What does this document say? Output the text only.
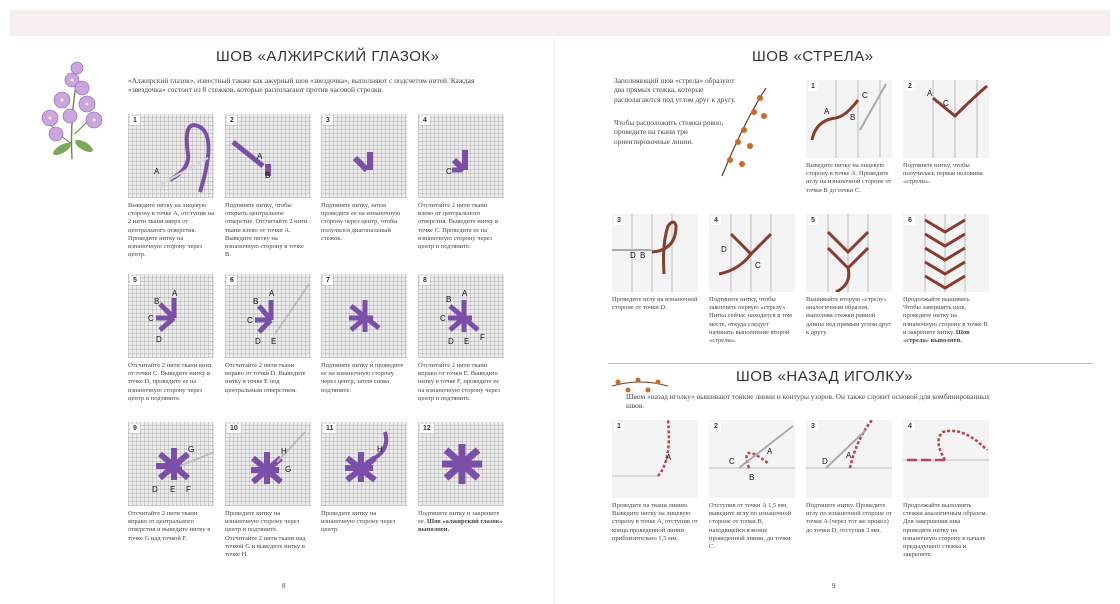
ШОВ «АЛЖИРСКИЙ ГЛАЗОК»
«Алжирский глазок», известный также как ажурный шов «звездочка», выполняют с подсчетом нитей. Каждая «звездочка» состоит из 8 стежков, которые располагают против часовой стрелки.
A
1
Выведите нитку на лицевую сторону в точке A, отступив на 2 нити ткани вверх от центрального отверстия. Проведите нитку на изнаночную сторону через центр.
A
B
2
Подтяните нитку, чтобы открыть центральное отверстие. Отсчитайте 2 нити ткани влево от точки A. Выведите нитку на изнаночную сторону в точке B.
3
Подтяните нитку, затем проведите ее на изнаночную сторону через центр, чтобы получился диагональный стежок.
C
4
Отсчитайте 2 нити ткани влево от центрального отверстия. Выведите нитку в точке C. Проведите ее на изнаночную сторону через центр и подтяните.
B
A
C
D
5
Отсчитайте 2 нити ткани вниз от точки C. Выведите нитку в точке D, проведите ее на изнаночную сторону через центр и подтяните.
B
A
C
D E
6
Отсчитайте 2 нити ткани вправо от точки D. Выведите нитку в точке E под центральным отверстием.
7
Подтяните нитку и проведите ее на изнаночную сторону через центр, затем снова подтяните.
B
A
C
F
D E
8
Отсчитайте 2 нити ткани вправо от точки E. Выведите нитку в точке F, проведите ее на изнаночную сторону через центр и подтяните.
G
D E F
9
Отсчитайте 2 нити ткани вправо от центрального отверстия и выведите нитку в точке G над точкой F.
H
G
10
Проведите нитку на изнаночную сторону через центр и подтяните. Отсчитайте 2 нити ткани над точкой G и выведите нитку в точке H.
H
11
Проведите нитку на изнаночную сторону через центр.
12
Подтяните нитку и закрепите ее. Шов «алжирский глазок» выполнен.
8
ШОВ «СТРЕЛА»
Заполняющий шов «стрела» образуют два прямых стежка, которые располагаются под углом друг к другу.
Чтобы расположить стежки ровно, проведите на ткани три ориентировочные линии.
A
C
B
1
Выведите нитку на лицевую сторону в точке A. Проведите иглу на изнаночной стороне от точки B до точки C.
A
C
2
Подтяните нитку, чтобы получилась первая половина «стрелы».
D B
3
Проведите иглу на изнаночной стороне от точки D.
D
C
4
Подтяните нитку, чтобы закончить первую «стрелу». Нитка сейчас находится в том месте, откуда следует начинать выполнение второй «стрелы».
5
Вышивайте вторую «стрелу» аналогичным образом, выполняя стежки равной длины под прямым углом друг к другу.
6
Продолжайте вышивать. Чтобы завершить шов, проведите нитку на изнаночную сторону в точке B и закрепите нитку. Шов «стрела» выполнен.
ШОВ «НАЗАД ИГОЛКУ»
Швом «назад иголку» вышивают тонкие линии и контуры узоров. Он также служит основой для комбинированных швов.
A
1
Проведите на ткани линию. Выведите нитку на лицевую сторону в точке A, отступив от конца проведенной линии приблизительно 1,5 мм.
A
C
B
2
Отступив от точки A 1,5 мм, выведите иглу по изнаночной стороне от точки B, находящейся в конце проведенной линии, до точки C.
A
D
3
Подтяните нитку. Проведите иглу по изнаночной стороне от точки A (через тот же прокол) до точки D, отступив 3 мм.
4
Продолжайте выполнять стежки аналогичным образом. Для завершения шва проведите нитку на изнаночную сторону в начале предыдущего стежка и закрепите.
9
